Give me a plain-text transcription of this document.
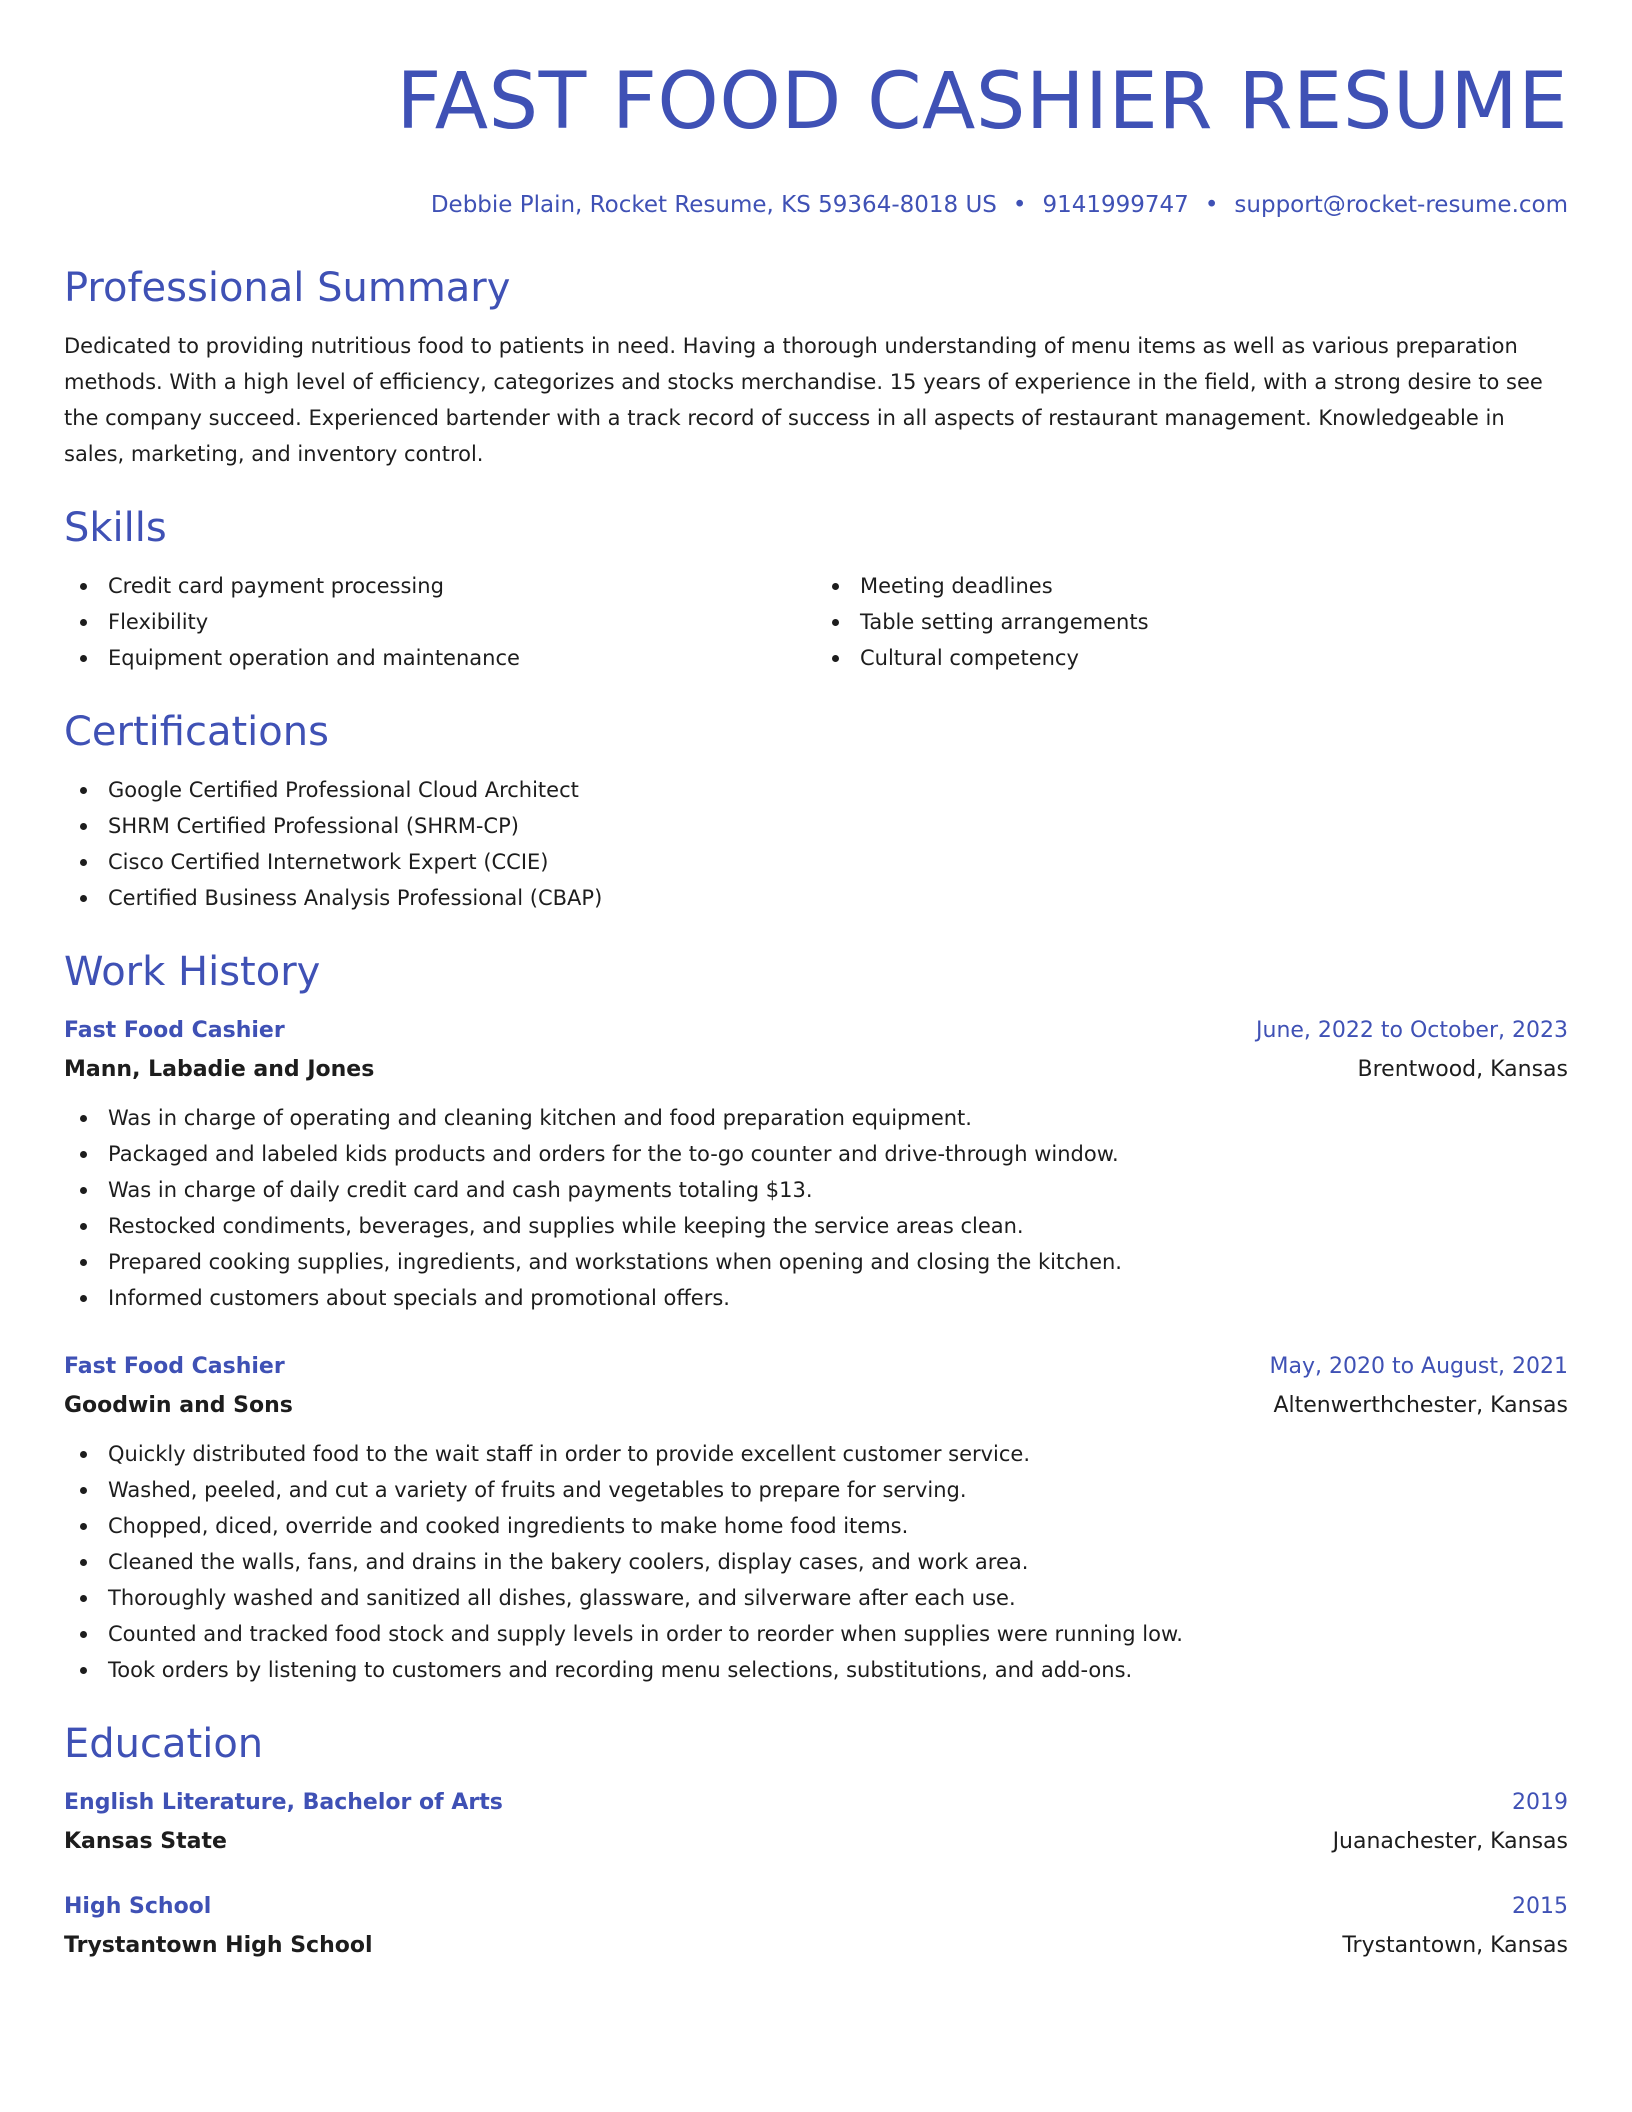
FAST FOOD CASHIER RESUME
Debbie Plain, Rocket Resume, KS 59364-8018 US • 9141999747 • support@rocket-resume.com
Professional Summary

Dedicated to providing nutritious food to patients in need. Having a thorough understanding of menu items as well as various preparation methods. With a high level of efficiency, categorizes and stocks merchandise. 15 years of experience in the field, with a strong desire to see the company succeed. Experienced bartender with a track record of success in all aspects of restaurant management. Knowledgeable in sales, marketing, and inventory control.

Skills
Credit card payment processing
Flexibility
Equipment operation and maintenance
Meeting deadlines
Table setting arrangements
Cultural competency
Certifications
Google Certified Professional Cloud Architect
SHRM Certified Professional (SHRM-CP)
Cisco Certified Internetwork Expert (CCIE)
Certified Business Analysis Professional (CBAP)
Work History
Fast Food Cashier	June, 2022 to October, 2023
Mann, Labadie and Jones	Brentwood, Kansas
Was in charge of operating and cleaning kitchen and food preparation equipment.
Packaged and labeled kids products and orders for the to-go counter and drive-through window.
Was in charge of daily credit card and cash payments totaling $13.
Restocked condiments, beverages, and supplies while keeping the service areas clean.
Prepared cooking supplies, ingredients, and workstations when opening and closing the kitchen.
Informed customers about specials and promotional offers.
Fast Food Cashier	May, 2020 to August, 2021
Goodwin and Sons	Altenwerthchester, Kansas
Quickly distributed food to the wait staff in order to provide excellent customer service.
Washed, peeled, and cut a variety of fruits and vegetables to prepare for serving.
Chopped, diced, override and cooked ingredients to make home food items.
Cleaned the walls, fans, and drains in the bakery coolers, display cases, and work area.
Thoroughly washed and sanitized all dishes, glassware, and silverware after each use.
Counted and tracked food stock and supply levels in order to reorder when supplies were running low.
Took orders by listening to customers and recording menu selections, substitutions, and add-ons.
Education
English Literature, Bachelor of Arts	2019
Kansas State	Juanachester, Kansas
High School	2015
Trystantown High School	Trystantown, Kansas
